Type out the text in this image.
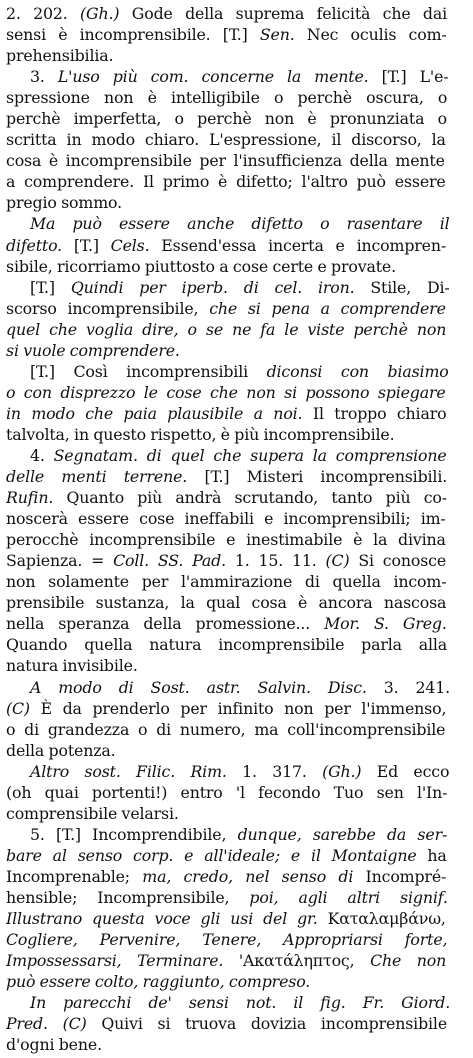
2. 202. (Gh.) Gode della suprema felicità che dai
sensi è incomprensibile. [T.] Sen. Nec oculis com-
prehensibilia.
3. L'uso più com. concerne la mente. [T.] L'e-
spressione non è intelligibile o perchè oscura, o
perchè imperfetta, o perchè non è pronunziata o
scritta in modo chiaro. L'espressione, il discorso, la
cosa è incomprensibile per l'insufficienza della mente
a comprendere. Il primo è difetto; l'altro può essere
pregio sommo.
Ma può essere anche difetto o rasentare il
difetto. [T.] Cels. Essend'essa incerta e incompren-
sibile, ricorriamo piuttosto a cose certe e provate.
[T.] Quindi per iperb. di cel. iron. Stile, Di-
scorso incomprensibile, che si pena a comprendere
quel che voglia dire, o se ne fa le viste perchè non
si vuole comprendere.
[T.] Così incomprensibili diconsi con biasimo
o con disprezzo le cose che non si possono spiegare
in modo che paia plausibile a noi. Il troppo chiaro
talvolta, in questo rispetto, è più incomprensibile.
4. Segnatam. di quel che supera la comprensione
delle menti terrene. [T.] Misteri incomprensibili.
Rufin. Quanto più andrà scrutando, tanto più co-
noscerà essere cose ineffabili e incomprensibili; im-
perocchè incomprensibile e inestimabile è la divina
Sapienza. = Coll. SS. Pad. 1. 15. 11. (C) Si conosce
non solamente per l'ammirazione di quella incom-
prensibile sustanza, la qual cosa è ancora nascosa
nella speranza della promessione... Mor. S. Greg.
Quando quella natura incomprensibile parla alla
natura invisibile.
A modo di Sost. astr. Salvin. Disc. 3. 241.
(C) È da prenderlo per infinito non per l'immenso,
o di grandezza o di numero, ma coll'incomprensibile
della potenza.
Altro sost. Filic. Rim. 1. 317. (Gh.) Ed ecco
(oh quai portenti!) entro 'l fecondo Tuo sen l'In-
comprensibile velarsi.
5. [T.] Incomprendibile, dunque, sarebbe da ser-
bare al senso corp. e all'ideale; e il Montaigne ha
Incomprenable; ma, credo, nel senso di Incompré-
hensible; Incomprensibile, poi, agli altri signif.
Illustrano questa voce gli usi del gr. Καταλαμβάνω,
Cogliere, Pervenire, Tenere, Appropriarsi forte,
Impossessarsi, Terminare. 'Ακατάληπτος, Che non
può essere colto, raggiunto, compreso.
In parecchi de' sensi not. il fig. Fr. Giord.
Pred. (C) Quivi si truova dovizia incomprensibile
d'ogni bene.
